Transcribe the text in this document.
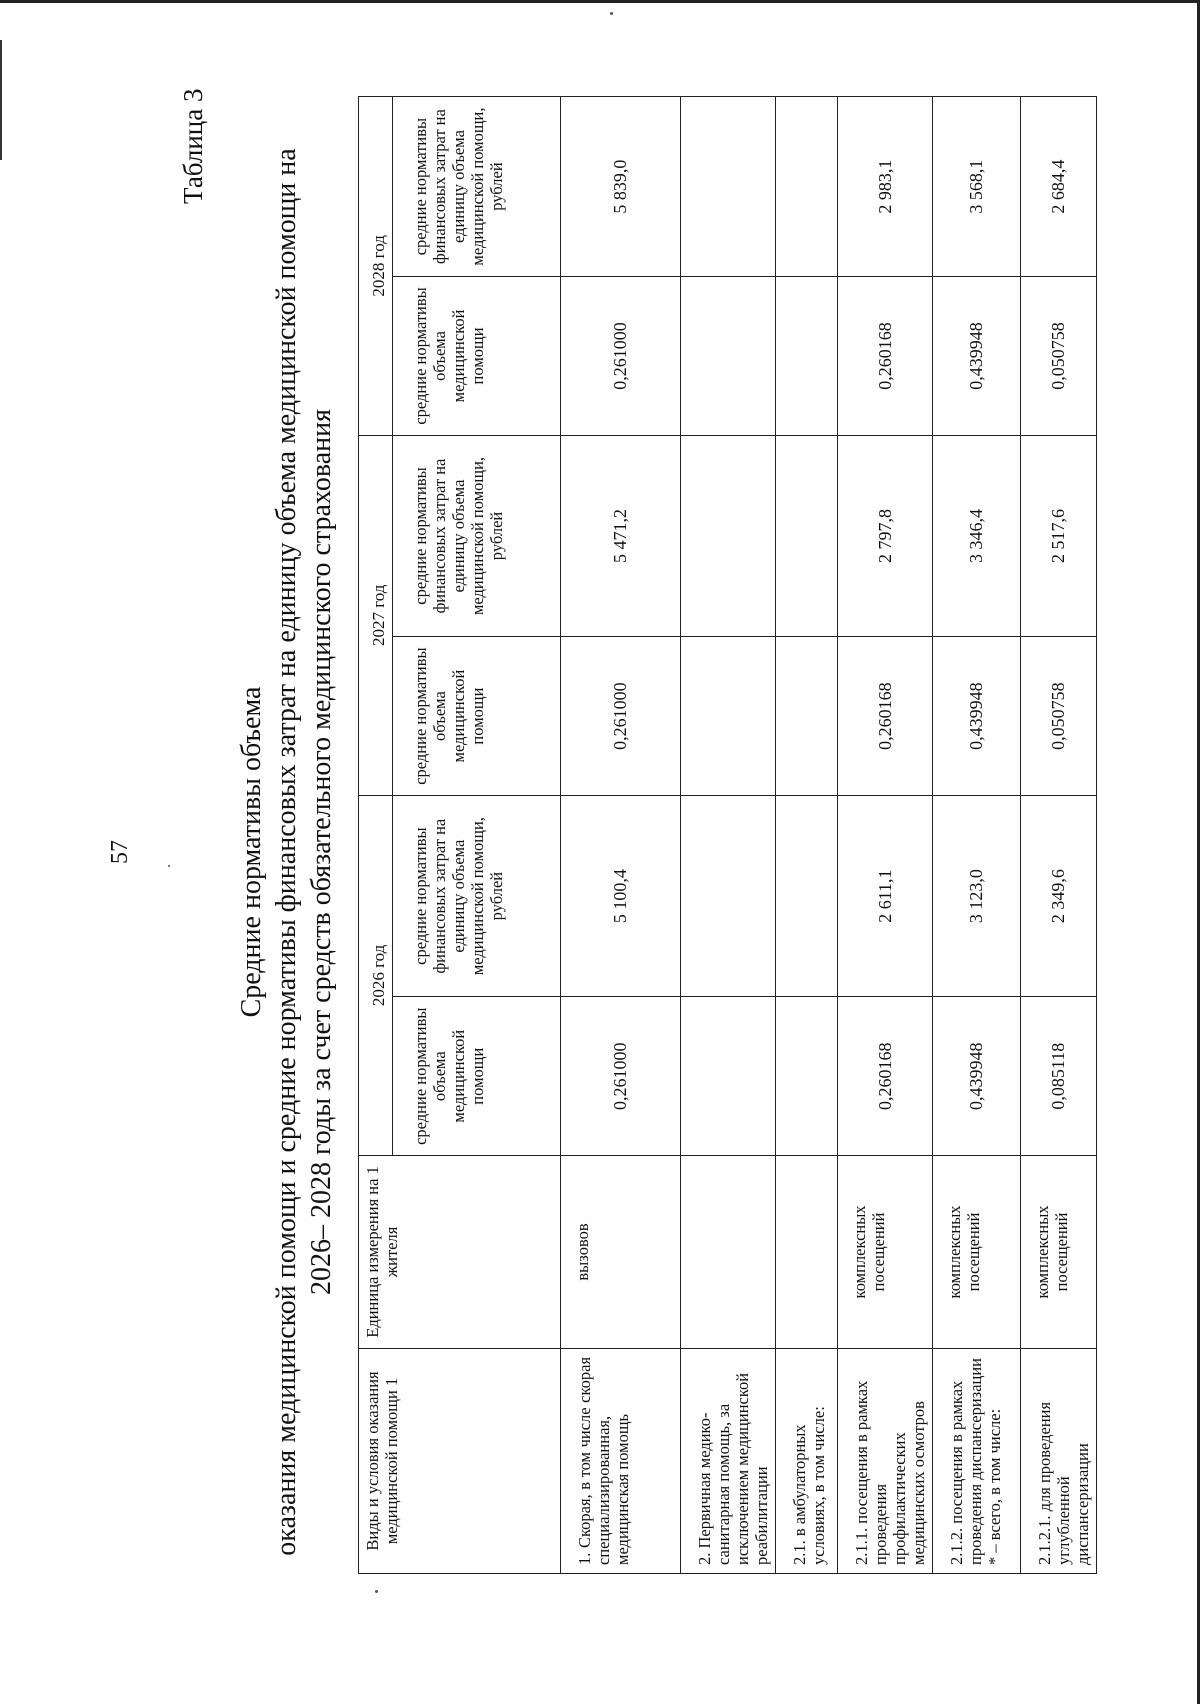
57
Таблица 3
Средние нормативы объема оказания медицинской помощи и средние нормативы финансовых затрат на единицу объема медицинской помощи на 2026– 2028 годы за счет средств обязательного медицинского страхования
Виды и условия оказания медицинской помощи 1	Единица измерения на 1 жителя	2026 год		2027 год		2028 год	
		средние нормативы объема медицинской помощи	средние нормативы финансовых затрат на единицу объема медицинской помощи, рублей	средние нормативы объема медицинской помощи	средние нормативы финансовых затрат на единицу объема медицинской помощи, рублей	средние нормативы объема медицинской помощи	средние нормативы финансовых затрат на единицу объема медицинской помощи, рублей
1. Скорая, в том числе скорая специализированная, медицинская помощь	вызовов	0,261000	5 100,4	0,261000	5 471,2	0,261000	5 839,0
2. Первичная медико-санитарная помощь, за исключением медицинской реабилитации							
2.1. в амбулаторных условиях, в том числе:							
2.1.1. посещения в рамках проведения профилактических медицинских осмотров	комплексных посещений	0,260168	2 611,1	0,260168	2 797,8	0,260168	2 983,1
2.1.2. посещения в рамках проведения диспансеризации * – всего, в том числе:	комплексных посещений	0,439948	3 123,0	0,439948	3 346,4	0,439948	3 568,1
2.1.2.1. для проведения углубленной диспансеризации	комплексных посещений	0,085118	2 349,6	0,050758	2 517,6	0,050758	2 684,4
